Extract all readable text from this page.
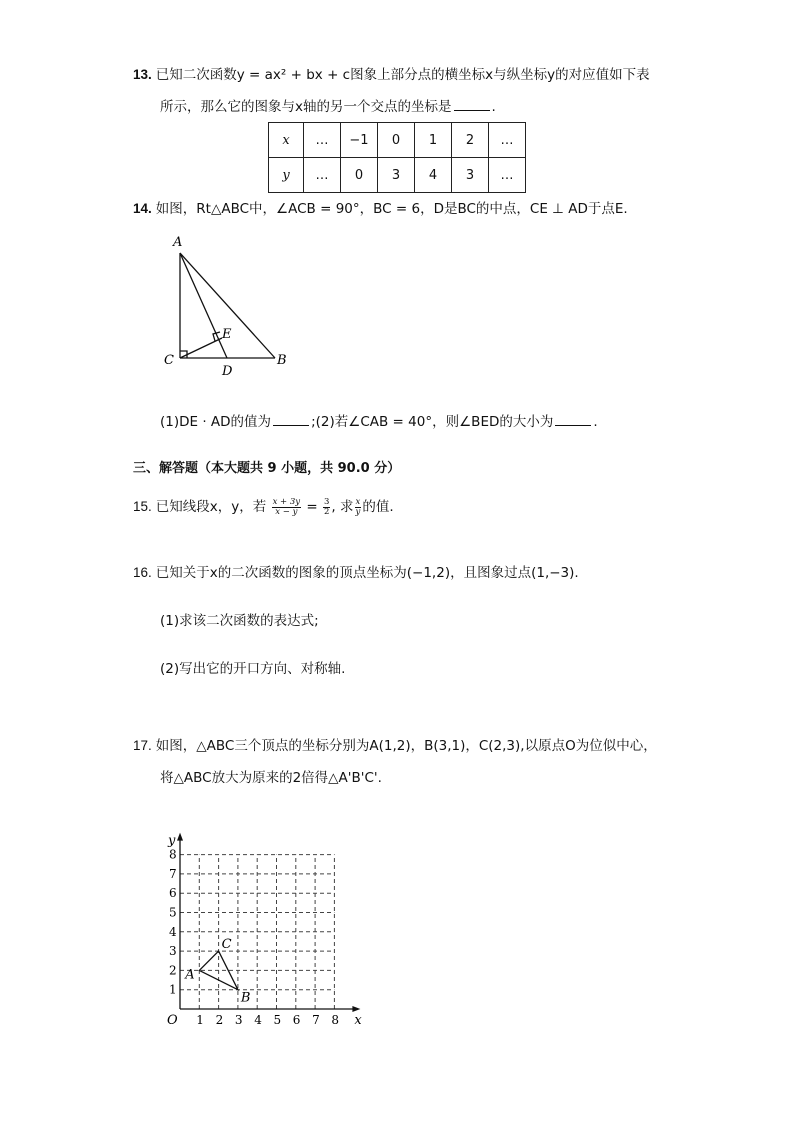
13. 已知二次函数y = ax² + bx + c图象上部分点的横坐标x与纵坐标y的对应值如下表
所示，那么它的图象与x轴的另一个交点的坐标是	.
x	…	−1	0	1	2	…
y	…	0	3	4	3	…
14. 如图，Rt△ABC中，∠ACB = 90°，BC = 6，D是BC的中点，CE ⊥ AD于点E.
A
C	B
D
E
(1)DE · AD的值为	;(2)若∠CAB = 40°，则∠BED的大小为	.
三、解答题（本大题共 9 小题，共 90.0 分）
15. 已知线段x，y，若 $\frac{x + 3y}{x - y} = \frac{3}{2}$ , 求 $\frac{x}{y}$ 的值.
16. 已知关于x的二次函数的图象的顶点坐标为(−1,2)，且图象过点(1,−3).
(1)求该二次函数的表达式;
(2)写出它的开口方向、对称轴.
17. 如图，△ABC三个顶点的坐标分别为A(1,2)，B(3,1)，C(2,3),以原点O为位似中心，
将△ABC放大为原来的2倍得△A'B'C'.
1 2 3 4 5 6 7 8
1
2
3
4
5
6
7
8
O	x
y
A
B
C
